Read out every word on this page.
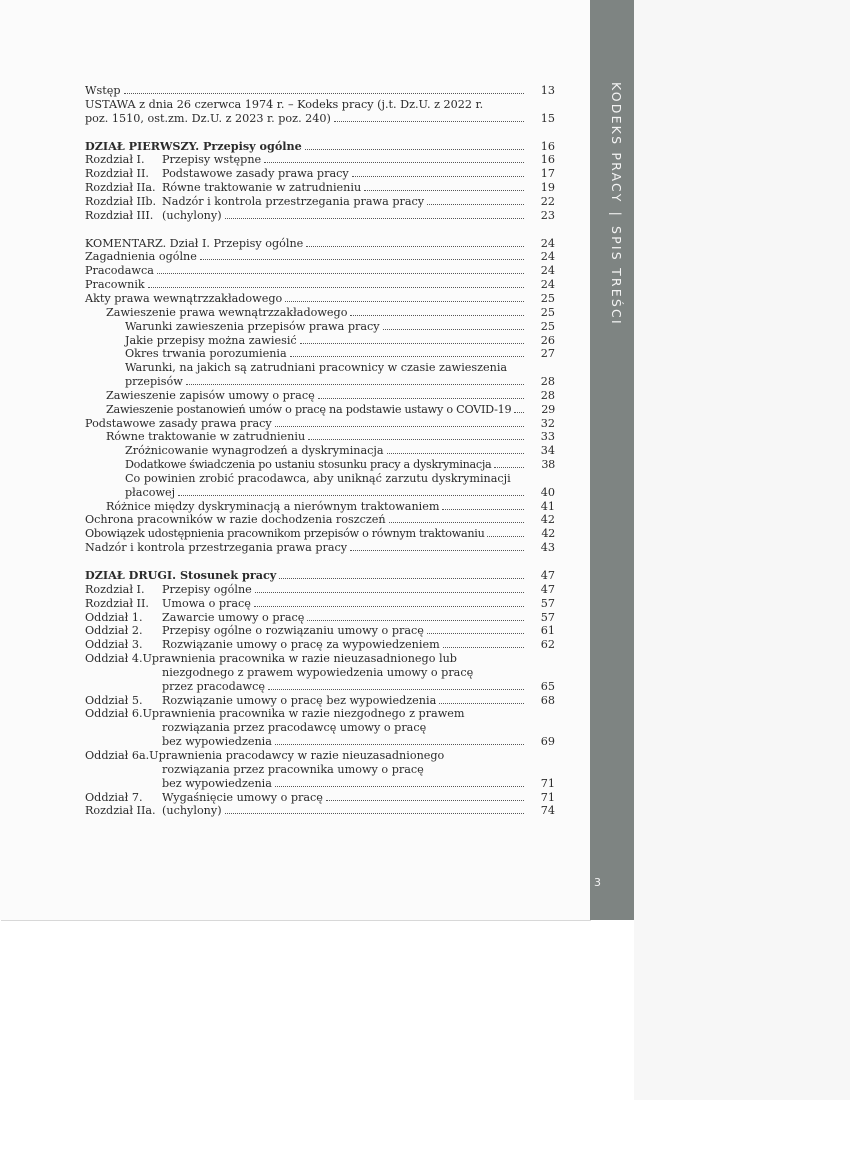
Wstęp	13
USTAWA z dnia 26 czerwca 1974 r. – Kodeks pracy (j.t. Dz.U. z 2022 r.
poz. 1510, ost.zm. Dz.U. z 2023 r. poz. 240)	15
DZIAŁ PIERWSZY. Przepisy ogólne	16
Rozdział I. Przepisy wstępne	16
Rozdział II. Podstawowe zasady prawa pracy	17
Rozdział IIa. Równe traktowanie w zatrudnieniu	19
Rozdział IIb. Nadzór i kontrola przestrzegania prawa pracy	22
Rozdział III. (uchylony)	23
KOMENTARZ. Dział I. Przepisy ogólne	24
Zagadnienia ogólne	24
Pracodawca	24
Pracownik	24
Akty prawa wewnątrzzakładowego	25
Zawieszenie prawa wewnątrzzakładowego	25
Warunki zawieszenia przepisów prawa pracy	25
Jakie przepisy można zawiesić	26
Okres trwania porozumienia	27
Warunki, na jakich są zatrudniani pracownicy w czasie zawieszenia
przepisów	28
Zawieszenie zapisów umowy o pracę	28
Zawieszenie postanowień umów o pracę na podstawie ustawy o COVID-19	29
Podstawowe zasady prawa pracy	32
Równe traktowanie w zatrudnieniu	33
Zróżnicowanie wynagrodzeń a dyskryminacja	34
Dodatkowe świadczenia po ustaniu stosunku pracy a dyskryminacja	38
Co powinien zrobić pracodawca, aby uniknąć zarzutu dyskryminacji
płacowej	40
Różnice między dyskryminacją a nierównym traktowaniem	41
Ochrona pracowników w razie dochodzenia roszczeń	42
Obowiązek udostępnienia pracownikom przepisów o równym traktowaniu	42
Nadzór i kontrola przestrzegania prawa pracy	43
DZIAŁ DRUGI. Stosunek pracy	47
Rozdział I. Przepisy ogólne	47
Rozdział II. Umowa o pracę	57
Oddział 1. Zawarcie umowy o pracę	57
Oddział 2. Przepisy ogólne o rozwiązaniu umowy o pracę	61
Oddział 3. Rozwiązanie umowy o pracę za wypowiedzeniem	62
Oddział 4.Uprawnienia pracownika w razie nieuzasadnionego lub
niezgodnego z prawem wypowiedzenia umowy o pracę
przez pracodawcę	65
Oddział 5. Rozwiązanie umowy o pracę bez wypowiedzenia	68
Oddział 6.Uprawnienia pracownika w razie niezgodnego z prawem
rozwiązania przez pracodawcę umowy o pracę
bez wypowiedzenia	69
Oddział 6a.Uprawnienia pracodawcy w razie nieuzasadnionego
rozwiązania przez pracownika umowy o pracę
bez wypowiedzenia	71
Oddział 7. Wygaśnięcie umowy o pracę	71
Rozdział IIa. (uchylony)	74
KODEKS PRACY|SPIS TREŚCI
3
